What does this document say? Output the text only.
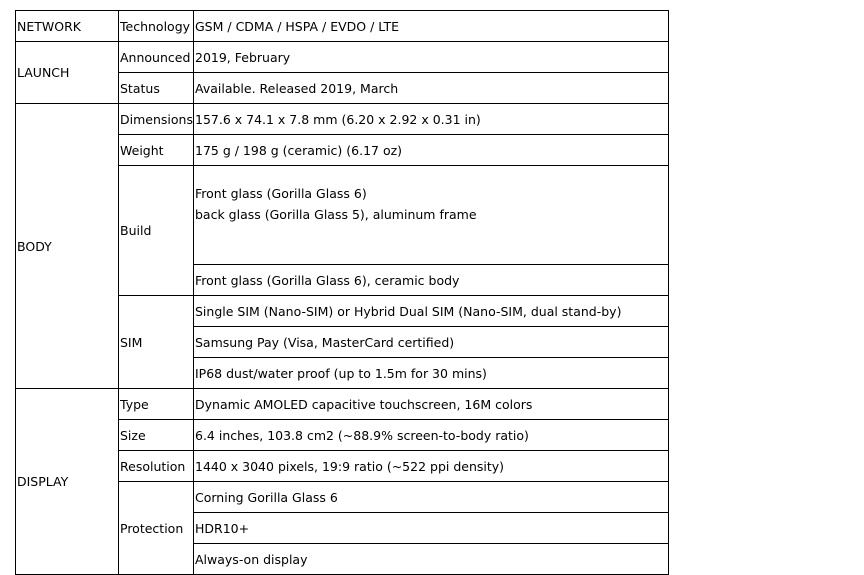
NETWORK	Technology	GSM / CDMA / HSPA / EVDO / LTE
LAUNCH	Announced	2019, February
	Status	Available. Released 2019, March
BODY	Dimensions	157.6 x 74.1 x 7.8 mm (6.20 x 2.92 x 0.31 in)
	Weight	175 g / 198 g (ceramic) (6.17 oz)
	Build	Front glass (Gorilla Glass 6)
back glass (Gorilla Glass 5), aluminum frame

		Front glass (Gorilla Glass 6), ceramic body
	SIM	Single SIM (Nano-SIM) or Hybrid Dual SIM (Nano-SIM, dual stand-by)
		Samsung Pay (Visa, MasterCard certified)
		IP68 dust/water proof (up to 1.5m for 30 mins)
DISPLAY	Type	Dynamic AMOLED capacitive touchscreen, 16M colors
	Size	6.4 inches, 103.8 cm2 (~88.9% screen-to-body ratio)
	Resolution	1440 x 3040 pixels, 19:9 ratio (~522 ppi density)
	Protection	Corning Gorilla Glass 6
		HDR10+
		Always-on display
